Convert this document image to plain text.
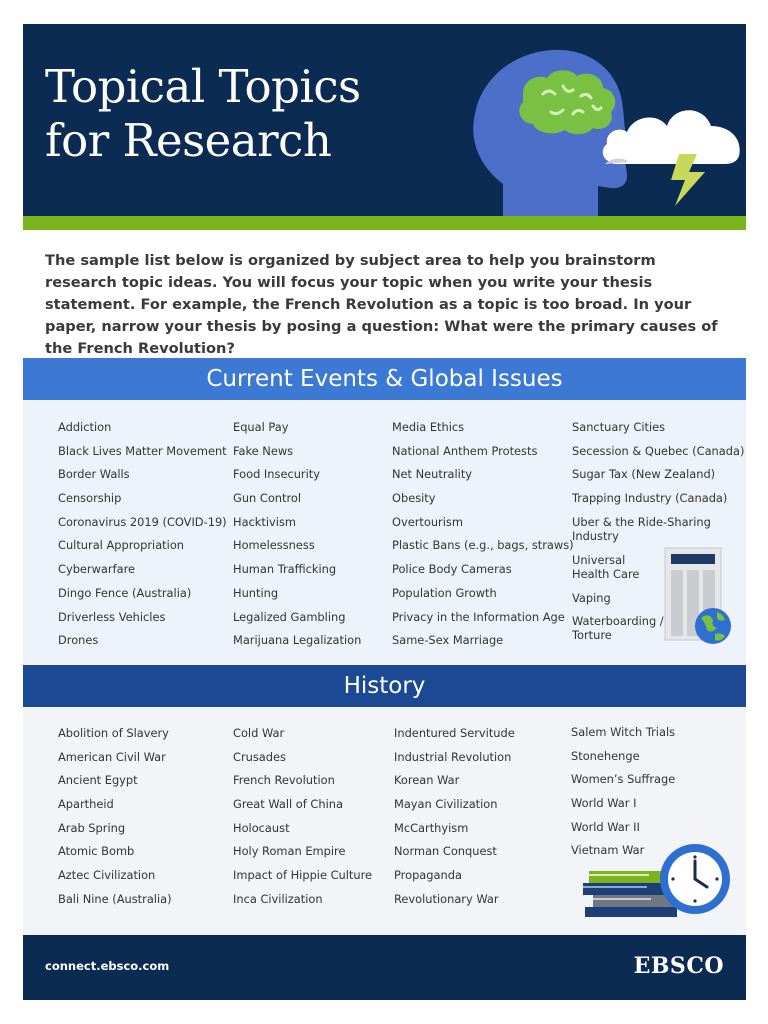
Topical Topics
for Research

The sample list below is organized by subject area to help you brainstorm research topic ideas. You will focus your topic when you write your thesis statement. For example, the French Revolution as a topic is too broad. In your paper, narrow your thesis by posing a question: What were the primary causes of the French Revolution?

Current Events & Global Issues
Addiction
Black Lives Matter Movement
Border Walls
Censorship
Coronavirus 2019 (COVID-19)
Cultural Appropriation
Cyberwarfare
Dingo Fence (Australia)
Driverless Vehicles
Drones
Equal Pay
Fake News
Food Insecurity
Gun Control
Hacktivism
Homelessness
Human Trafficking
Hunting
Legalized Gambling
Marijuana Legalization
Media Ethics
National Anthem Protests
Net Neutrality
Obesity
Overtourism
Plastic Bans (e.g., bags, straws)
Police Body Cameras
Population Growth
Privacy in the Information Age
Same-Sex Marriage
Sanctuary Cities
Secession & Quebec (Canada)
Sugar Tax (New Zealand)
Trapping Industry (Canada)
Uber & the Ride-Sharing Industry
Universal Health Care
Vaping
Waterboarding / Torture
History
Abolition of Slavery
American Civil War
Ancient Egypt
Apartheid
Arab Spring
Atomic Bomb
Aztec Civilization
Bali Nine (Australia)
Cold War
Crusades
French Revolution
Great Wall of China
Holocaust
Holy Roman Empire
Impact of Hippie Culture
Inca Civilization
Indentured Servitude
Industrial Revolution
Korean War
Mayan Civilization
McCarthyism
Norman Conquest
Propaganda
Revolutionary War
Salem Witch Trials
Stonehenge
Women’s Suffrage
World War I
World War II
Vietnam War
connect.ebsco.com	EBSCO
